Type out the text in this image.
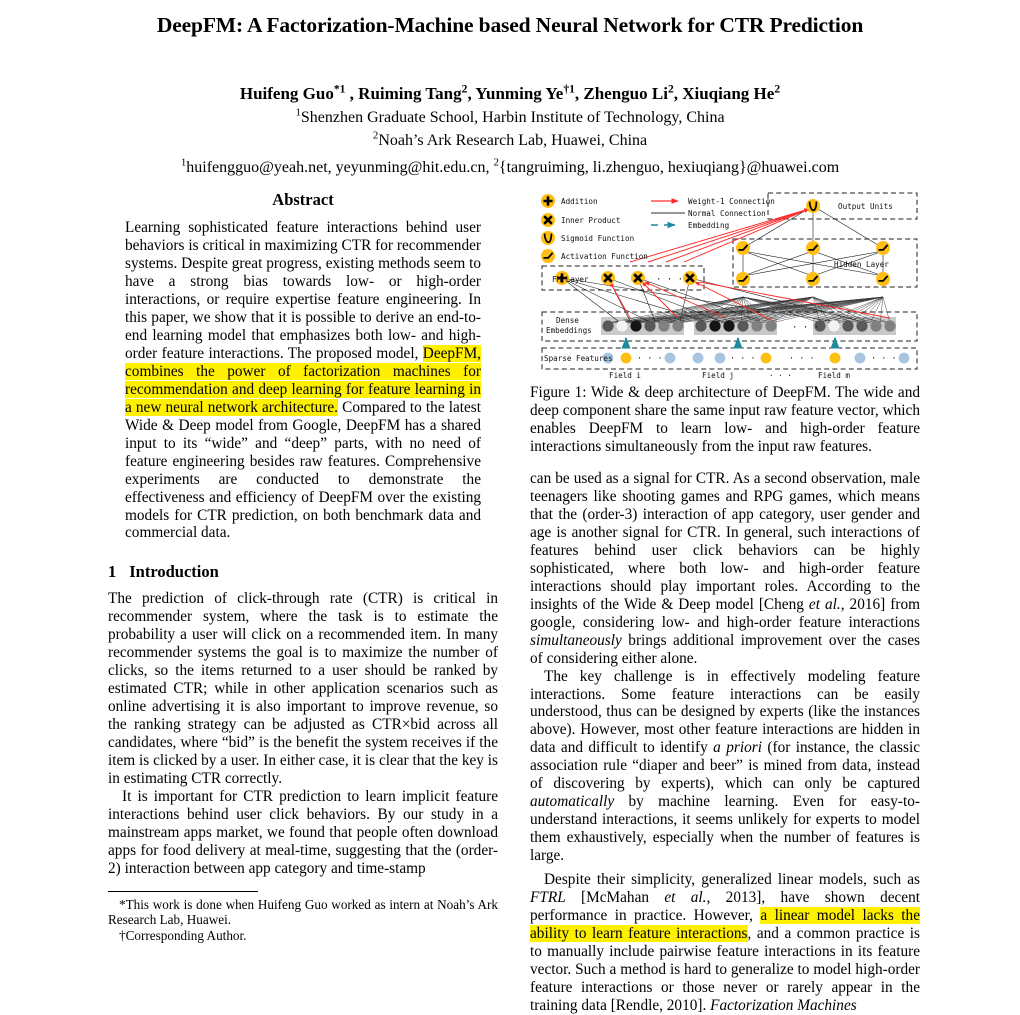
DeepFM: A Factorization-Machine based Neural Network for CTR Prediction
Huifeng Guo$^{*1}$ , Ruiming Tang$^2$, Yunming Ye$^{\dagger 1}$, Zhenguo Li$^2$, Xiuqiang He$^2$
$^1$Shenzhen Graduate School, Harbin Institute of Technology, China
$^2$Noah’s Ark Research Lab, Huawei, China
$^1$huifengguo@yeah.net, yeyunming@hit.edu.cn, $^2${tangruiming, li.zhenguo, hexiuqiang}@huawei.com
Abstract

Learning sophisticated feature interactions behind user behaviors is critical in maximizing CTR for recommender systems. Despite great progress, existing methods seem to have a strong bias towards low- or high-order interactions, or require expertise feature engineering. In this paper, we show that it is possible to derive an end-to-end learning model that emphasizes both low- and high-order feature interactions. The proposed model, DeepFM, combines the power of factorization machines for recommendation and deep learning for feature learning in a new neural network architecture. Compared to the latest Wide & Deep model from Google, DeepFM has a shared input to its “wide” and “deep” parts, with no need of feature engineering besides raw features. Comprehensive experiments are conducted to demonstrate the effectiveness and efficiency of DeepFM over the existing models for CTR prediction, on both benchmark data and commercial data.

1 Introduction

The prediction of click-through rate (CTR) is critical in recommender system, where the task is to estimate the probability a user will click on a recommended item. In many recommender systems the goal is to maximize the number of clicks, so the items returned to a user should be ranked by estimated CTR; while in other application scenarios such as online advertising it is also important to improve revenue, so the ranking strategy can be adjusted as CTR×bid across all candidates, where “bid” is the benefit the system receives if the item is clicked by a user. In either case, it is clear that the key is in estimating CTR correctly.

It is important for CTR prediction to learn implicit feature interactions behind user click behaviors. By our study in a mainstream apps market, we found that people often download apps for food delivery at meal-time, suggesting that the (order-2) interaction between app category and time-stamp

*This work is done when Huifeng Guo worked as intern at Noah’s Ark Research Lab, Huawei.

†Corresponding Author.

· · ·
· · ·	· · ·	· · ·	· · ·
· · ·
Output Units
Hidden Layer
FM Layer
Dense
Embeddings
Sparse Features
Field i	Field j	· · ·	Field m
Addition
Inner Product
Sigmoid Function
Activation Function
Weight-1 Connection
Normal Connection
Embedding

Figure 1: Wide & deep architecture of DeepFM. The wide and deep component share the same input raw feature vector, which enables DeepFM to learn low- and high-order feature interactions simultaneously from the input raw features.

can be used as a signal for CTR. As a second observation, male teenagers like shooting games and RPG games, which means that the (order-3) interaction of app category, user gender and age is another signal for CTR. In general, such interactions of features behind user click behaviors can be highly sophisticated, where both low- and high-order feature interactions should play important roles. According to the insights of the Wide & Deep model [Cheng et al., 2016] from google, considering low- and high-order feature interactions simultaneously brings additional improvement over the cases of considering either alone.

The key challenge is in effectively modeling feature interactions. Some feature interactions can be easily understood, thus can be designed by experts (like the instances above). However, most other feature interactions are hidden in data and difficult to identify a priori (for instance, the classic association rule “diaper and beer” is mined from data, instead of discovering by experts), which can only be captured automatically by machine learning. Even for easy-to-understand interactions, it seems unlikely for experts to model them exhaustively, especially when the number of features is large.

Despite their simplicity, generalized linear models, such as FTRL [McMahan et al., 2013], have shown decent performance in practice. However, a linear model lacks the ability to learn feature interactions, and a common practice is to manually include pairwise feature interactions in its feature vector. Such a method is hard to generalize to model high-order feature interactions or those never or rarely appear in the training data [Rendle, 2010]. Factorization Machines
